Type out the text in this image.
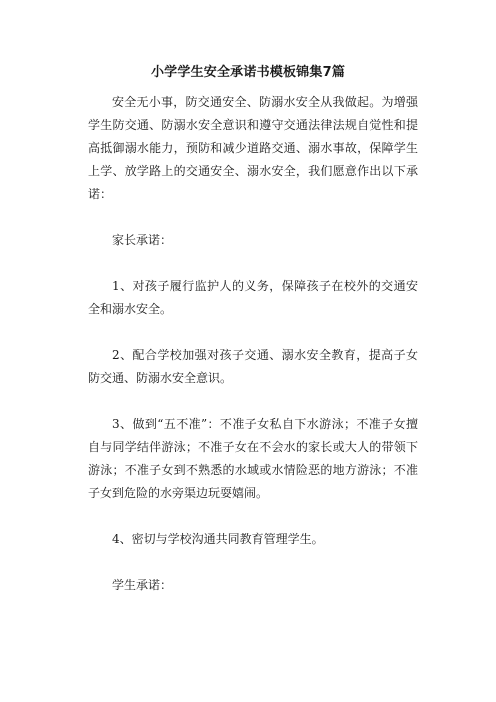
小学学生安全承诺书模板锦集7篇

安全无小事，防交通安全、防溺水安全从我做起。为增强学生防交通、防溺水安全意识和遵守交通法律法规自觉性和提高抵御溺水能力，预防和减少道路交通、溺水事故，保障学生上学、放学路上的交通安全、溺水安全，我们愿意作出以下承诺：

家长承诺：

1、对孩子履行监护人的义务，保障孩子在校外的交通安全和溺水安全。

2、配合学校加强对孩子交通、溺水安全教育，提高子女防交通、防溺水安全意识。

3、做到“五不准”：不准子女私自下水游泳；不准子女擅自与同学结伴游泳；不准子女在不会水的家长或大人的带领下游泳；不准子女到不熟悉的水域或水情险恶的地方游泳；不准子女到危险的水旁渠边玩耍嬉闹。

4、密切与学校沟通共同教育管理学生。

学生承诺：
